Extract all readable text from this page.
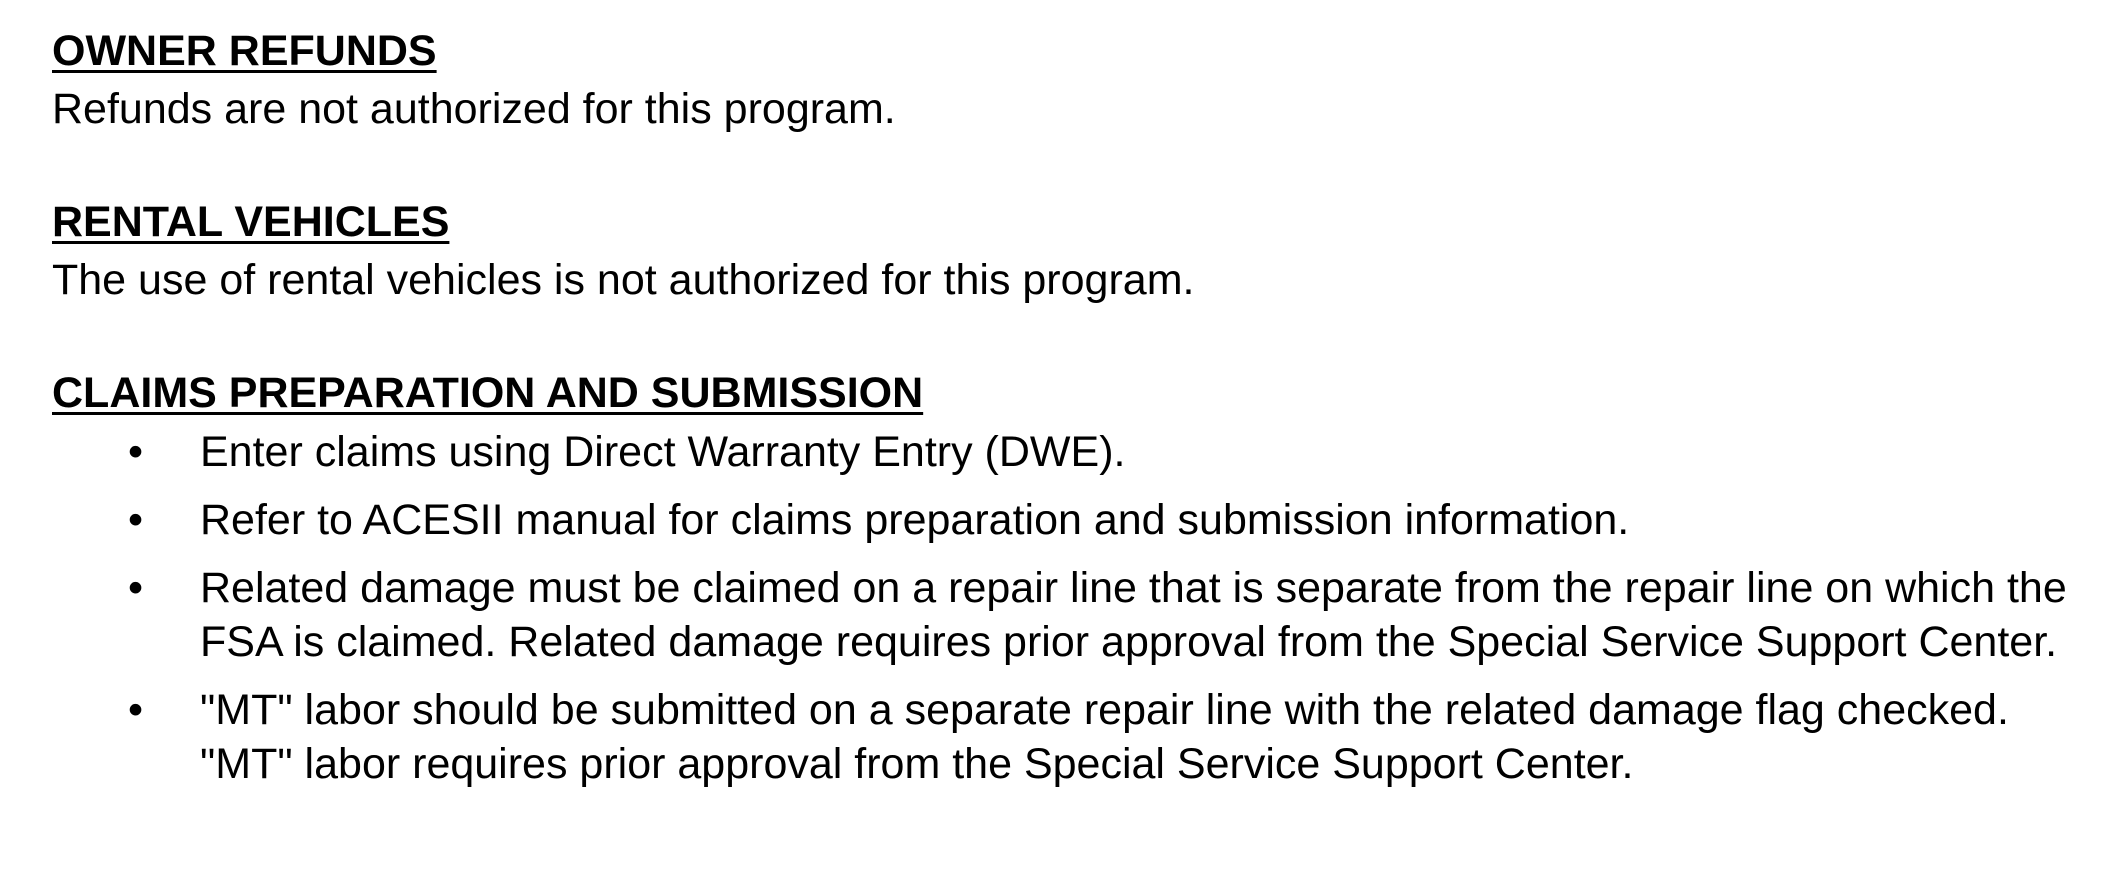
OWNER REFUNDS

Refunds are not authorized for this program.

RENTAL VEHICLES

The use of rental vehicles is not authorized for this program.

CLAIMS PREPARATION AND SUBMISSION
• Enter claims using Direct Warranty Entry (DWE).
• Refer to ACESII manual for claims preparation and submission information.
• Related damage must be claimed on a repair line that is separate from the repair line on which the FSA is claimed. Related damage requires prior approval from the Special Service Support Center.
• "MT" labor should be submitted on a separate repair line with the related damage flag checked. "MT" labor requires prior approval from the Special Service Support Center.
